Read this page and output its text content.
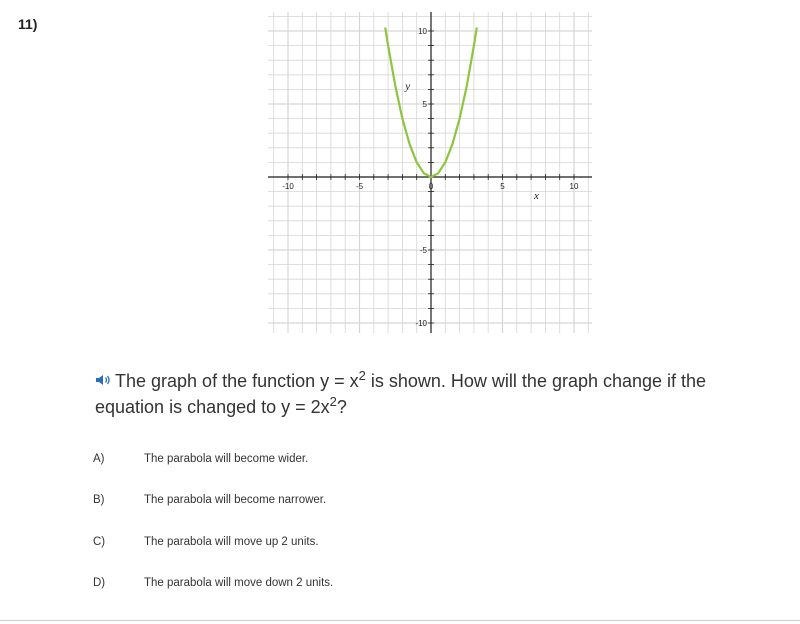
11)
-10	-5	0	5	10
-10
-5
5
10
x
y
The graph of the function $y = x^2$ is shown. How will the graph change if the equation is changed to $y = 2x^2$?
A)	The parabola will become wider.
B)	The parabola will become narrower.
C)	The parabola will move up 2 units.
D)	The parabola will move down 2 units.
